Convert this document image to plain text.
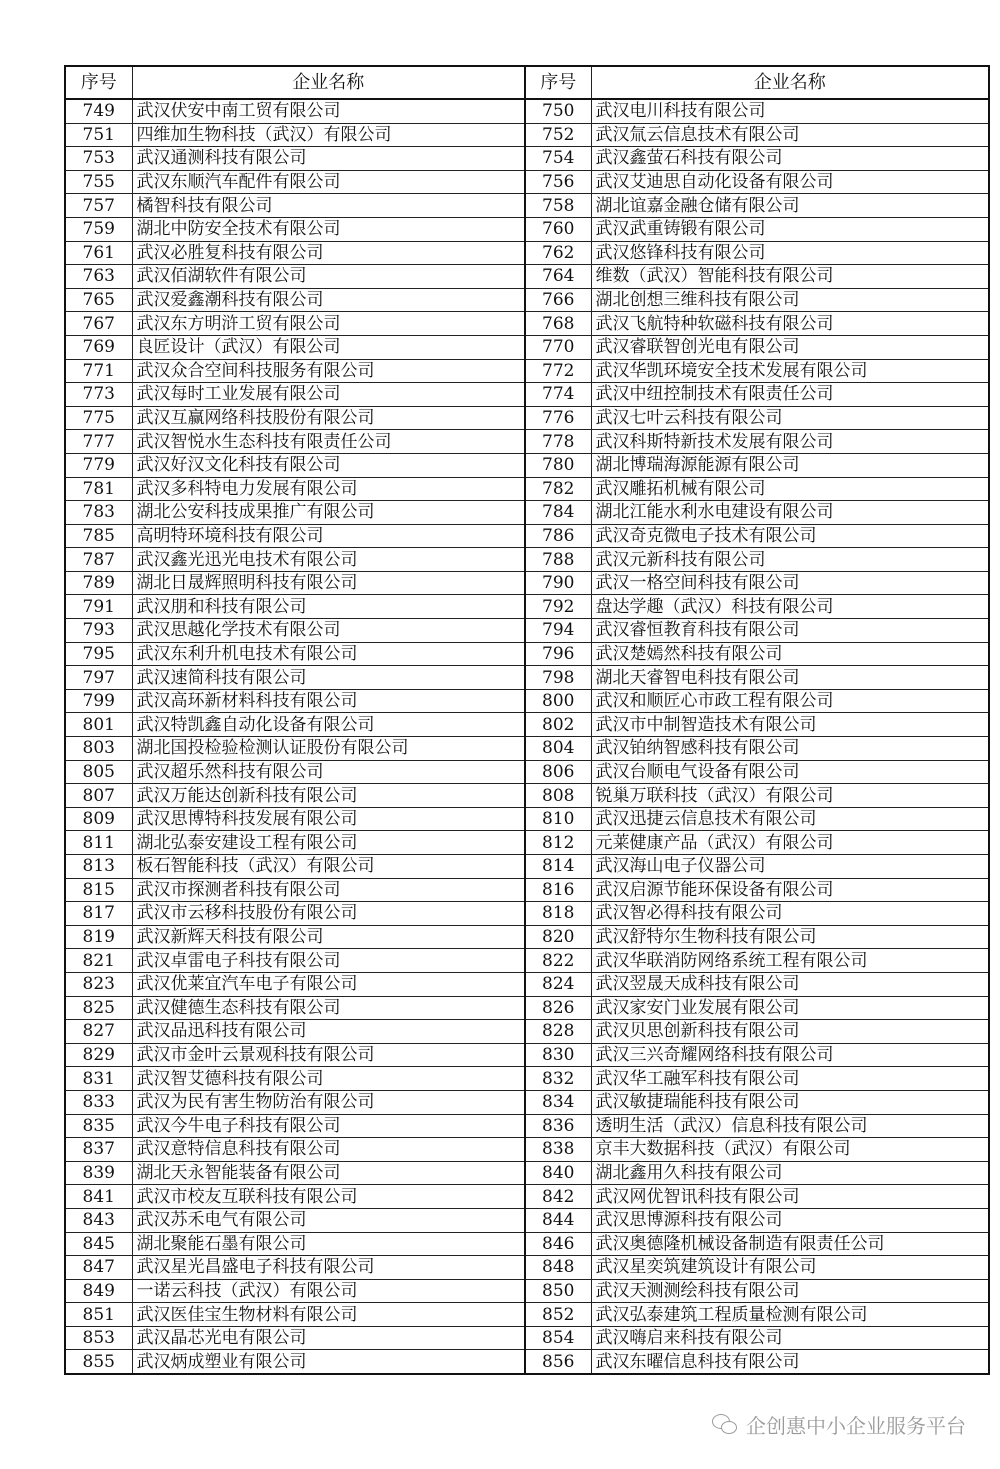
序号	企业名称	序号	企业名称
749	武汉伏安中南工贸有限公司	750	武汉电川科技有限公司
751	四维加生物科技（武汉）有限公司	752	武汉氚云信息技术有限公司
753	武汉通测科技有限公司	754	武汉鑫萤石科技有限公司
755	武汉东顺汽车配件有限公司	756	武汉艾迪思自动化设备有限公司
757	橘智科技有限公司	758	湖北谊嘉金融仓储有限公司
759	湖北中防安全技术有限公司	760	武汉武重铸锻有限公司
761	武汉必胜复科技有限公司	762	武汉悠锋科技有限公司
763	武汉佰湖软件有限公司	764	维数（武汉）智能科技有限公司
765	武汉爱鑫潮科技有限公司	766	湖北创想三维科技有限公司
767	武汉东方明浒工贸有限公司	768	武汉飞航特种软磁科技有限公司
769	良匠设计（武汉）有限公司	770	武汉睿联智创光电有限公司
771	武汉众合空间科技服务有限公司	772	武汉华凯环境安全技术发展有限公司
773	武汉每时工业发展有限公司	774	武汉中纽控制技术有限责任公司
775	武汉互赢网络科技股份有限公司	776	武汉七叶云科技有限公司
777	武汉智悦水生态科技有限责任公司	778	武汉科斯特新技术发展有限公司
779	武汉好汉文化科技有限公司	780	湖北博瑞海源能源有限公司
781	武汉多科特电力发展有限公司	782	武汉雕拓机械有限公司
783	湖北公安科技成果推广有限公司	784	湖北江能水利水电建设有限公司
785	高明特环境科技有限公司	786	武汉奇克微电子技术有限公司
787	武汉鑫光迅光电技术有限公司	788	武汉元新科技有限公司
789	湖北日晟辉照明科技有限公司	790	武汉一格空间科技有限公司
791	武汉朋和科技有限公司	792	盘达学趣（武汉）科技有限公司
793	武汉思越化学技术有限公司	794	武汉睿恒教育科技有限公司
795	武汉东利升机电技术有限公司	796	武汉楚嫣然科技有限公司
797	武汉速简科技有限公司	798	湖北天睿智电科技有限公司
799	武汉高环新材料科技有限公司	800	武汉和顺匠心市政工程有限公司
801	武汉特凯鑫自动化设备有限公司	802	武汉市中制智造技术有限公司
803	湖北国投检验检测认证股份有限公司	804	武汉铂纳智感科技有限公司
805	武汉超乐然科技有限公司	806	武汉台顺电气设备有限公司
807	武汉万能达创新科技有限公司	808	锐巢万联科技（武汉）有限公司
809	武汉思博特科技发展有限公司	810	武汉迅捷云信息技术有限公司
811	湖北弘泰安建设工程有限公司	812	元莱健康产品（武汉）有限公司
813	板石智能科技（武汉）有限公司	814	武汉海山电子仪器公司
815	武汉市探测者科技有限公司	816	武汉启源节能环保设备有限公司
817	武汉市云移科技股份有限公司	818	武汉智必得科技有限公司
819	武汉新辉天科技有限公司	820	武汉舒特尔生物科技有限公司
821	武汉卓雷电子科技有限公司	822	武汉华联消防网络系统工程有限公司
823	武汉优莱宜汽车电子有限公司	824	武汉翌晟天成科技有限公司
825	武汉健德生态科技有限公司	826	武汉家安门业发展有限公司
827	武汉品迅科技有限公司	828	武汉贝思创新科技有限公司
829	武汉市金叶云景观科技有限公司	830	武汉三兴奇耀网络科技有限公司
831	武汉智艾德科技有限公司	832	武汉华工融军科技有限公司
833	武汉为民有害生物防治有限公司	834	武汉敏捷瑞能科技有限公司
835	武汉今牛电子科技有限公司	836	透明生活（武汉）信息科技有限公司
837	武汉意特信息科技有限公司	838	京丰大数据科技（武汉）有限公司
839	湖北天永智能装备有限公司	840	湖北鑫用久科技有限公司
841	武汉市校友互联科技有限公司	842	武汉网优智讯科技有限公司
843	武汉苏禾电气有限公司	844	武汉思博源科技有限公司
845	湖北聚能石墨有限公司	846	武汉奥德隆机械设备制造有限责任公司
847	武汉星光昌盛电子科技有限公司	848	武汉星奕筑建筑设计有限公司
849	一诺云科技（武汉）有限公司	850	武汉天测测绘科技有限公司
851	武汉医佳宝生物材料有限公司	852	武汉弘泰建筑工程质量检测有限公司
853	武汉晶芯光电有限公司	854	武汉嗨启来科技有限公司
855	武汉炳成塑业有限公司	856	武汉东曜信息科技有限公司
企创惠中小企业服务平台
